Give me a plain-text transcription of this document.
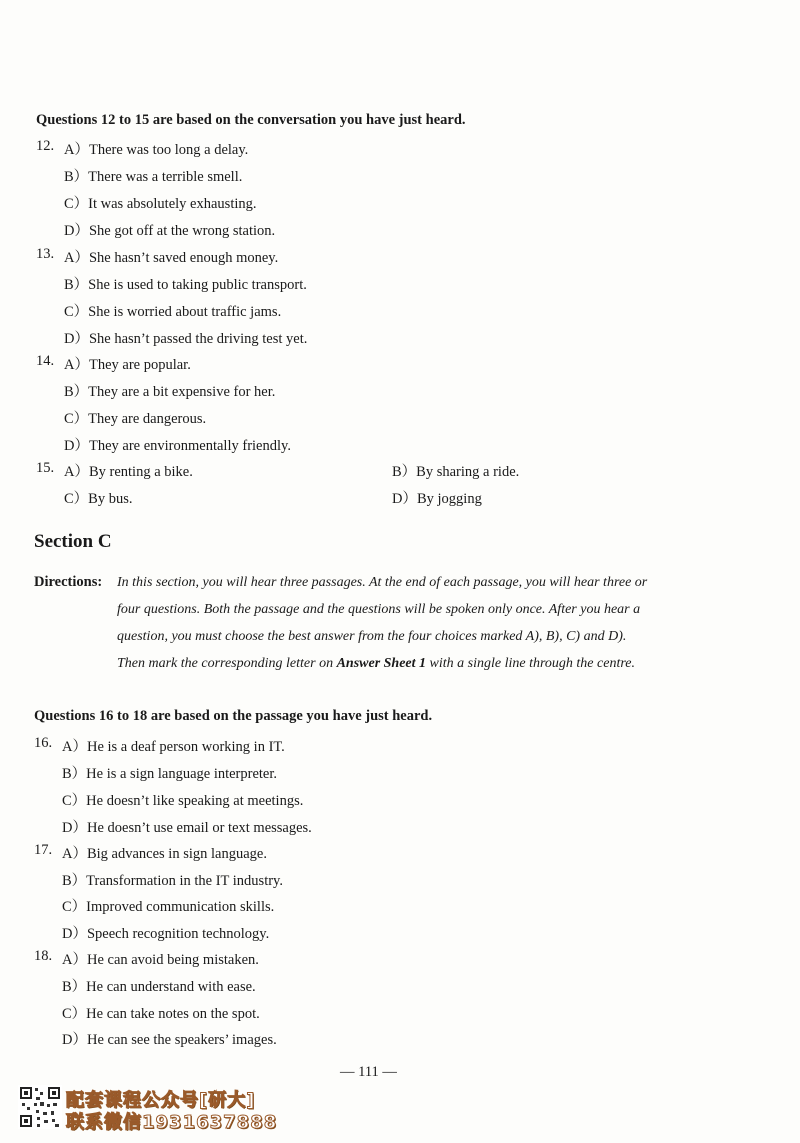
Questions 12 to 15 are based on the conversation you have just heard.
12. A）There was too long a delay.
B）There was a terrible smell.
C）It was absolutely exhausting.
D）She got off at the wrong station.
13. A）She hasn’t saved enough money.
B）She is used to taking public transport.
C）She is worried about traffic jams.
D）She hasn’t passed the driving test yet.
14. A）They are popular.
B）They are a bit expensive for her.
C）They are dangerous.
D）They are environmentally friendly.
15. A）By renting a bike.	B）By sharing a ride.
C）By bus.	D）By jogging
Section C
Directions: In this section, you will hear three passages. At the end of each passage, you will hear three or
four questions. Both the passage and the questions will be spoken only once. After you hear a
question, you must choose the best answer from the four choices marked A), B), C) and D).
Then mark the corresponding letter on Answer Sheet 1 with a single line through the centre.
Questions 16 to 18 are based on the passage you have just heard.
16. A）He is a deaf person working in IT.
B）He is a sign language interpreter.
C）He doesn’t like speaking at meetings.
D）He doesn’t use email or text messages.
17. A）Big advances in sign language.
B）Transformation in the IT industry.
C）Improved communication skills.
D）Speech recognition technology.
18. A）He can avoid being mistaken.
B）He can understand with ease.
C）He can take notes on the spot.
D）He can see the speakers’ images.
— 111 —
配套课程公众号[研大]
联系微信1931637888
